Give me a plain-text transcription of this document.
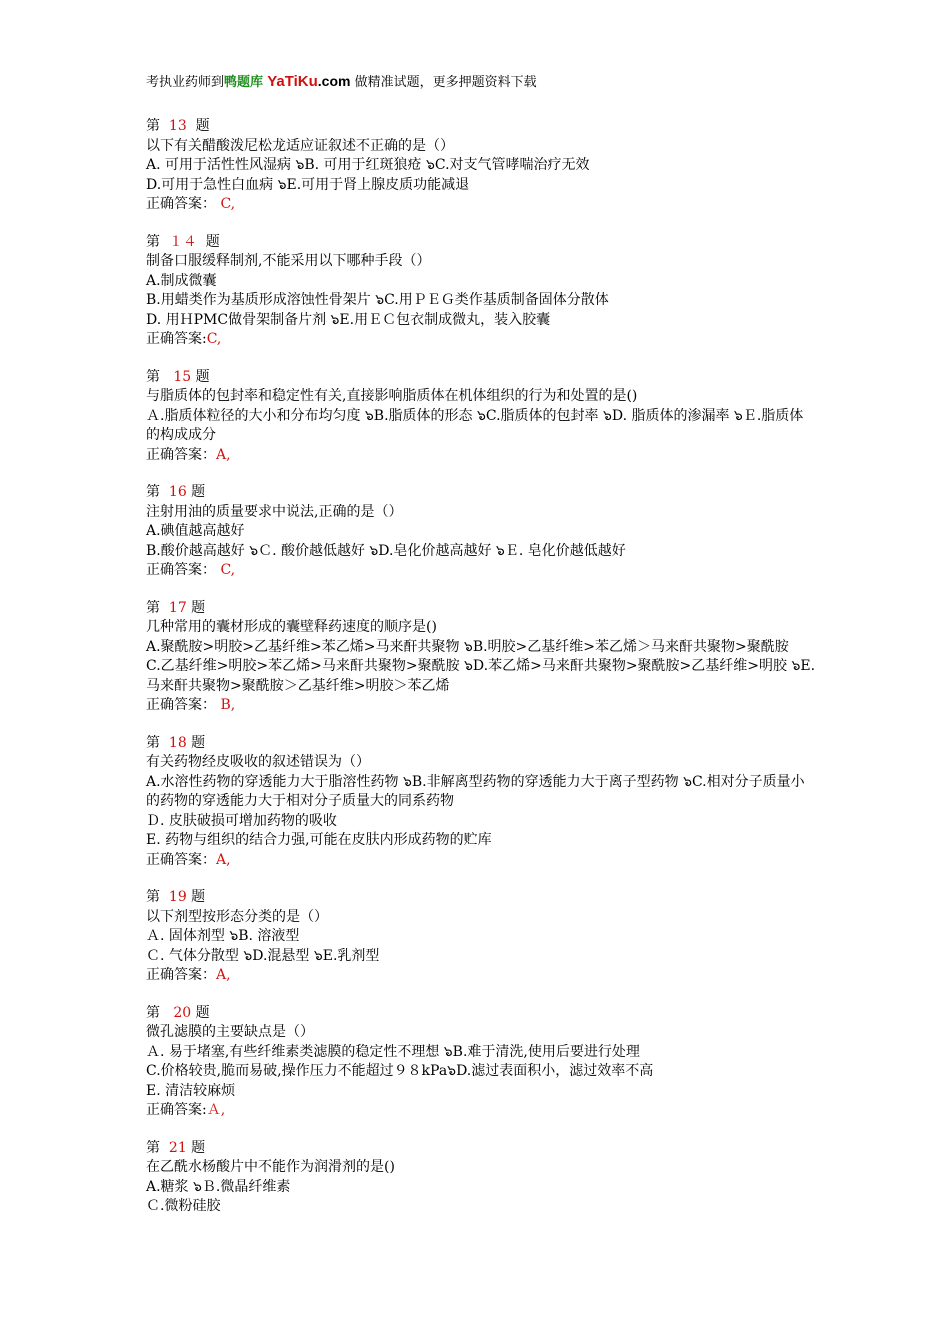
考执业药师到鸭题库 YaTiKu.com 做精准试题，更多押题资料下载
第  13  题
以下有关醋酸泼尼松龙适应证叙述不正确的是（）
A. 可用于活性性风湿病 ๖B. 可用于红斑狼疮 ๖C.对支气管哮喘治疗无效
D.可用于急性白血病 ๖E.可用于肾上腺皮质功能减退
正确答案： C,
第  １４  题
制备口服缓释制剂,不能采用以下哪种手段（）
A.制成微囊
B.用蜡类作为基质形成溶蚀性骨架片 ๖C.用ＰＥＧ类作基质制备固体分散体
D. 用ＨPMC做骨架制备片剂 ๖E.用ＥＣ包衣制成微丸，装入胶囊
正确答案:C,
第   15 题
与脂质体的包封率和稳定性有关,直接影响脂质体在机体组织的行为和处置的是()
Ａ.脂质体粒径的大小和分布均匀度 ๖B.脂质体的形态 ๖C.脂质体的包封率 ๖D. 脂质体的渗漏率 ๖Ｅ.脂质体的构成成分
正确答案：A,
第  16 题
注射用油的质量要求中说法,正确的是（）
A.碘值越高越好
B.酸价越高越好 ๖Ｃ. 酸价越低越好 ๖D.皂化价越高越好 ๖Ｅ. 皂化价越低越好
正确答案： C,
第  17 题
几种常用的囊材形成的囊壁释药速度的顺序是()
A.聚酰胺>明胶>乙基纤维>苯乙烯>马来酐共聚物 ๖B.明胶>乙基纤维>苯乙烯＞马来酐共聚物>聚酰胺
C.乙基纤维>明胶>苯乙烯>马来酐共聚物>聚酰胺 ๖D.苯乙烯>马来酐共聚物>聚酰胺>乙基纤维>明胶 ๖E.马来酐共聚物>聚酰胺＞乙基纤维>明胶＞苯乙烯
正确答案： B,
第  18 题
有关药物经皮吸收的叙述错误为（）
A.水溶性药物的穿透能力大于脂溶性药物 ๖B.非解离型药物的穿透能力大于离子型药物 ๖C.相对分子质量小的药物的穿透能力大于相对分子质量大的同系药物
Ｄ. 皮肤破损可增加药物的吸收
E. 药物与组织的结合力强,可能在皮肤内形成药物的贮库
正确答案：A,
第  19 题
以下剂型按形态分类的是（）
Ａ. 固体剂型 ๖B. 溶液型
Ｃ. 气体分散型 ๖D.混悬型 ๖E.乳剂型
正确答案：A,
第   20 题
微孔滤膜的主要缺点是（）
Ａ. 易于堵塞,有些纤维素类滤膜的稳定性不理想 ๖B.难于清洗,使用后要进行处理
C.价格较贵,脆而易破,操作压力不能超过９８kPa๖D.滤过表面积小，滤过效率不高
E. 清洁较麻烦
正确答案:Ａ,
第  21 题
在乙酰水杨酸片中不能作为润滑剂的是()
A.糖浆 ๖Ｂ.微晶纤维素
Ｃ.微粉硅胶
